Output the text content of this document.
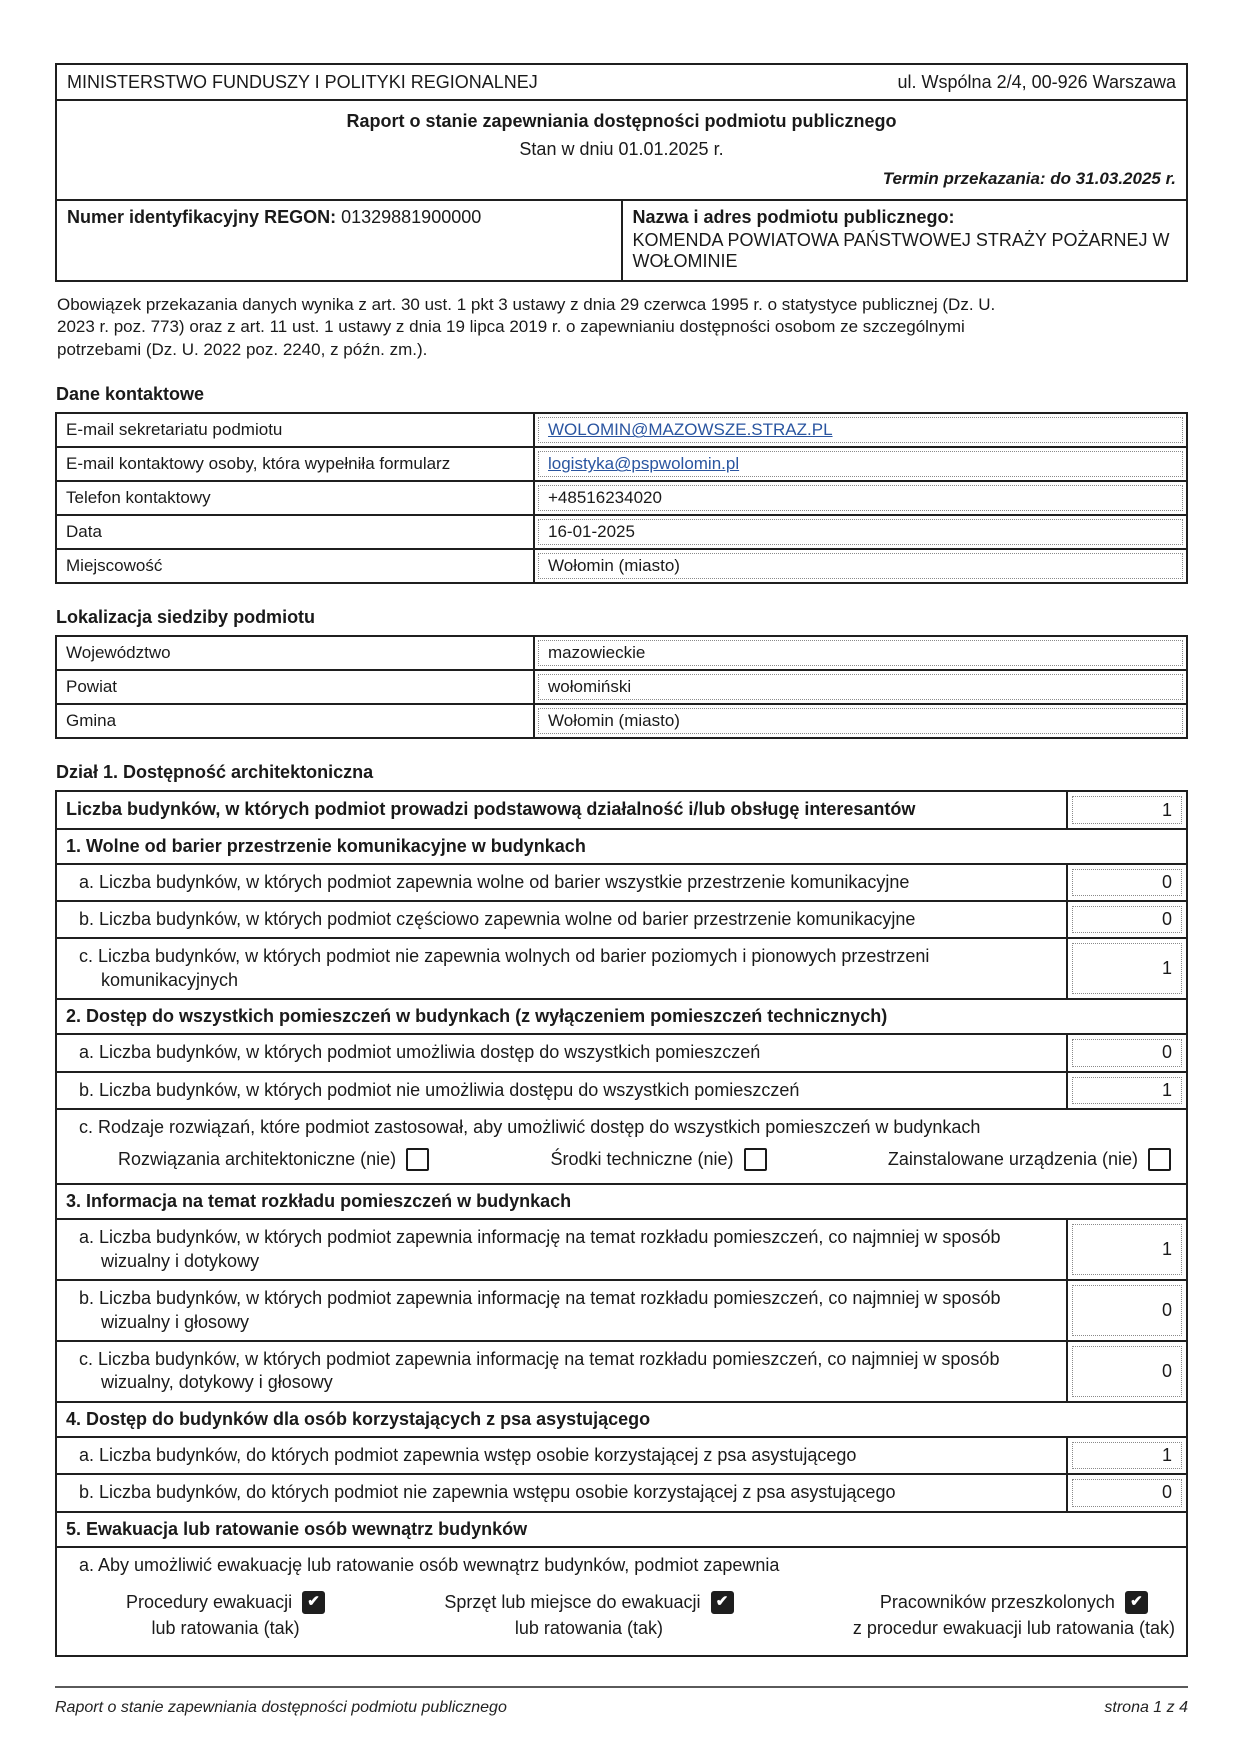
MINISTERSTWO FUNDUSZY I POLITYKI REGIONALNEJ	ul. Wspólna 2/4, 00-926 Warszawa

Raport o stanie zapewniania dostępności podmiotu publicznego
Stan w dniu 01.01.2025 r.
Termin przekazania: do 31.03.2025 r.

Numer identyfikacyjny REGON: 01329881900000	Nazwa i adres podmiotu publicznego:
KOMENDA POWIATOWA PAŃSTWOWEJ STRAŻY POŻARNEJ W WOŁOMINIE

Obowiązek przekazania danych wynika z art. 30 ust. 1 pkt 3 ustawy z dnia 29 czerwca 1995 r. o statystyce publicznej (Dz. U. 2023 r. poz. 773) oraz z art. 11 ust. 1 ustawy z dnia 19 lipca 2019 r. o zapewnianiu dostępności osobom ze szczególnymi potrzebami (Dz. U. 2022 poz. 2240, z późn. zm.).

Dane kontaktowe
E-mail sekretariatu podmiotu	WOLOMIN@MAZOWSZE.STRAZ.PL

E-mail kontaktowy osoby, która wypełniła formularz	logistyka@pspwolomin.pl

Telefon kontaktowy	+48516234020

Data	16-01-2025

Miejscowość	Wołomin (miasto)
Lokalizacja siedziby podmiotu
Województwo	mazowieckie

Powiat	wołomiński

Gmina	Wołomin (miasto)
Dział 1. Dostępność architektoniczna
Liczba budynków, w których podmiot prowadzi podstawową działalność i/lub obsługę interesantów	1

1. Wolne od barier przestrzenie komunikacyjne w budynkach	
a. Liczba budynków, w których podmiot zapewnia wolne od barier wszystkie przestrzenie komunikacyjne	0

b. Liczba budynków, w których podmiot częściowo zapewnia wolne od barier przestrzenie komunikacyjne	0

c. Liczba budynków, w których podmiot nie zapewnia wolnych od barier poziomych i pionowych przestrzeni komunikacyjnych	1

2. Dostęp do wszystkich pomieszczeń w budynkach (z wyłączeniem pomieszczeń technicznych)	
a. Liczba budynków, w których podmiot umożliwia dostęp do wszystkich pomieszczeń	0

b. Liczba budynków, w których podmiot nie umożliwia dostępu do wszystkich pomieszczeń	1

c. Rodzaje rozwiązań, które podmiot zastosował, aby umożliwić dostęp do wszystkich pomieszczeń w budynkach
Rozwiązania architektoniczne (nie) Środki techniczne (nie) Zainstalowane urządzenia (nie)	

3. Informacja na temat rozkładu pomieszczeń w budynkach	
a. Liczba budynków, w których podmiot zapewnia informację na temat rozkładu pomieszczeń, co najmniej w sposób wizualny i dotykowy	1

b. Liczba budynków, w których podmiot zapewnia informację na temat rozkładu pomieszczeń, co najmniej w sposób wizualny i głosowy	0

c. Liczba budynków, w których podmiot zapewnia informację na temat rozkładu pomieszczeń, co najmniej w sposób wizualny, dotykowy i głosowy	0

4. Dostęp do budynków dla osób korzystających z psa asystującego	
a. Liczba budynków, do których podmiot zapewnia wstęp osobie korzystającej z psa asystującego	1

b. Liczba budynków, do których podmiot nie zapewnia wstępu osobie korzystającej z psa asystującego	0

5. Ewakuacja lub ratowanie osób wewnątrz budynków	

a. Aby umożliwić ewakuację lub ratowanie osób wewnątrz budynków, podmiot zapewnia
Procedury ewakuacji
✔

lub ratowania (tak)
Sprzęt lub miejsce do ewakuacji
✔

lub ratowania (tak)
Pracowników przeszkolonych
✔

z procedur ewakuacji lub ratowania (tak)
Raport o stanie zapewniania dostępności podmiotu publicznego	strona 1 z 4
